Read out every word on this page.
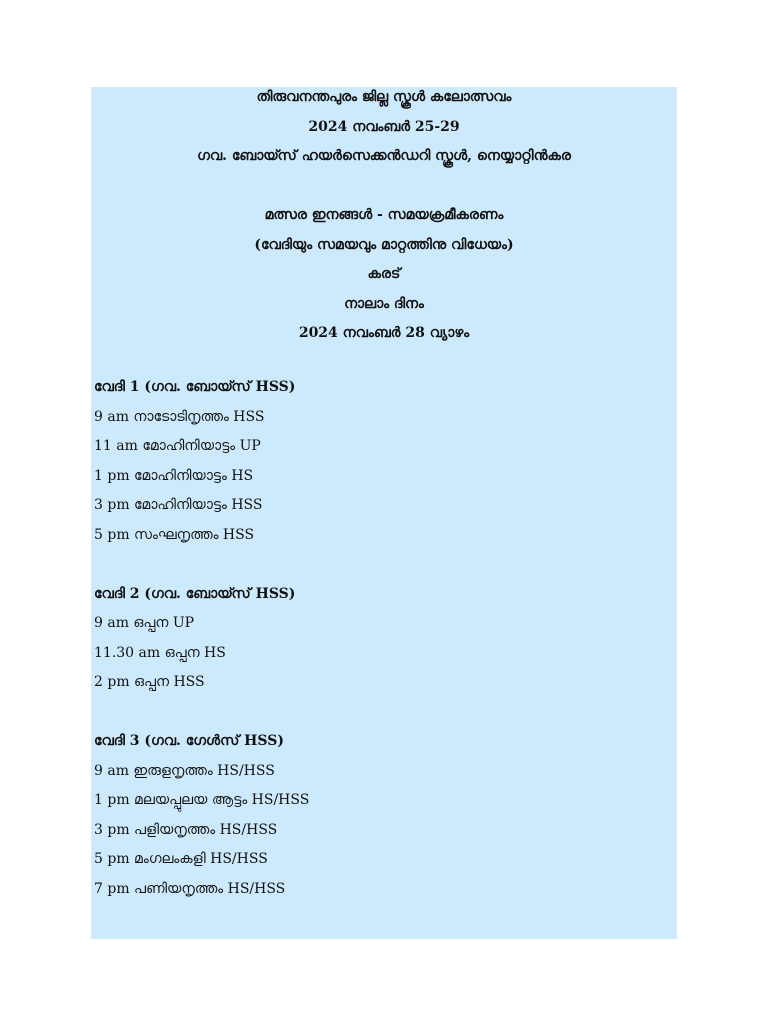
തിരുവനന്തപുരം ജില്ല സ്കൂൾ കലോത്സവം
2024 നവംബർ 25-29
ഗവ. ബോയ്സ് ഹയർസെക്കൻഡറി സ്കൂൾ, നെയ്യാറ്റിൻകര
മത്സര ഇനങ്ങൾ - സമയക്രമീകരണം
(വേദിയും സമയവും മാറ്റത്തിനു വിധേയം)
കരട്
നാലാം ദിനം
2024 നവംബർ 28 വ്യാഴം
വേദി 1 (ഗവ. ബോയ്സ് HSS)
9 am നാടോടിനൃത്തം HSS
11 am മോഹിനിയാട്ടം UP
1 pm മോഹിനിയാട്ടം HS
3 pm മോഹിനിയാട്ടം HSS
5 pm സംഘനൃത്തം HSS
വേദി 2 (ഗവ. ബോയ്സ് HSS)
9 am ഒപ്പന UP
11.30 am ഒപ്പന HS
2 pm ഒപ്പന HSS
വേദി 3 (ഗവ. ഗേൾസ് HSS)
9 am ഇരുളനൃത്തം HS/HSS
1 pm മലയപ്പുലയ ആട്ടം HS/HSS
3 pm പളിയനൃത്തം HS/HSS
5 pm മംഗലംകളി HS/HSS
7 pm പണിയനൃത്തം HS/HSS
